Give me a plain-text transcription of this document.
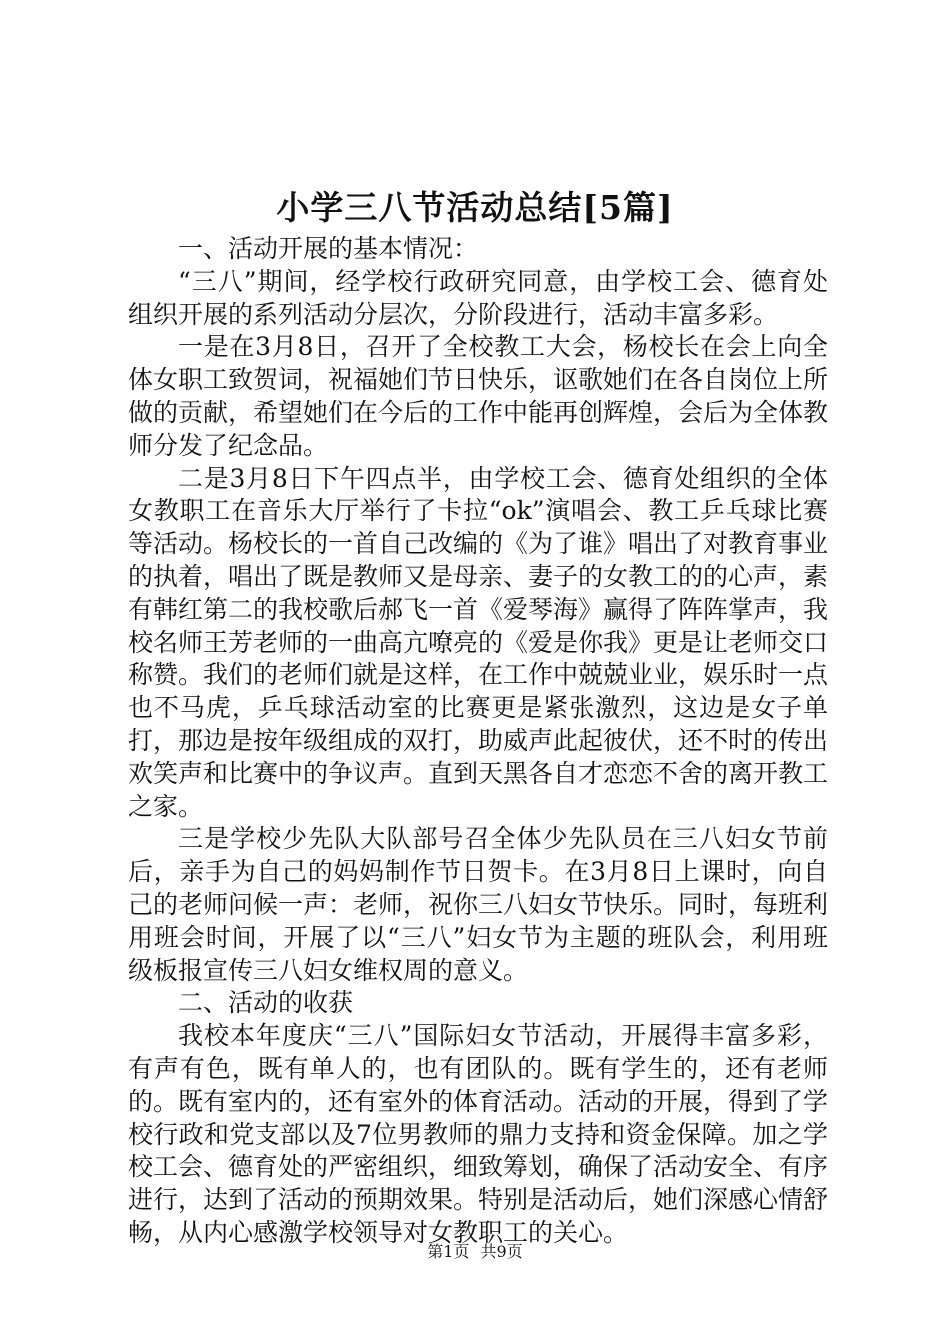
小学三八节活动总结[5篇]

一、活动开展的基本情况：

“三八”期间，经学校行政研究同意，由学校工会、德育处组织开展的系列活动分层次，分阶段进行，活动丰富多彩。

一是在3月8日，召开了全校教工大会，杨校长在会上向全体女职工致贺词，祝福她们节日快乐，讴歌她们在各自岗位上所做的贡献，希望她们在今后的工作中能再创辉煌，会后为全体教师分发了纪念品。

二是3月8日下午四点半，由学校工会、德育处组织的全体女教职工在音乐大厅举行了卡拉“ok”演唱会、教工乒乓球比赛等活动。杨校长的一首自己改编的《为了谁》唱出了对教育事业的执着，唱出了既是教师又是母亲、妻子的女教工的的心声，素有韩红第二的我校歌后郝飞一首《爱琴海》赢得了阵阵掌声，我校名师王芳老师的一曲高亢嘹亮的《爱是你我》更是让老师交口称赞。我们的老师们就是这样，在工作中兢兢业业，娱乐时一点也不马虎，乒乓球活动室的比赛更是紧张激烈，这边是女子单打，那边是按年级组成的双打，助威声此起彼伏，还不时的传出欢笑声和比赛中的争议声。直到天黑各自才恋恋不舍的离开教工之家。

三是学校少先队大队部号召全体少先队员在三八妇女节前后，亲手为自己的妈妈制作节日贺卡。在3月8日上课时，向自己的老师问候一声：老师，祝你三八妇女节快乐。同时，每班利用班会时间，开展了以“三八”妇女节为主题的班队会，利用班级板报宣传三八妇女维权周的意义。

二、活动的收获

我校本年度庆“三八”国际妇女节活动，开展得丰富多彩，有声有色，既有单人的，也有团队的。既有学生的，还有老师的。既有室内的，还有室外的体育活动。活动的开展，得到了学校行政和党支部以及7位男教师的鼎力支持和资金保障。加之学校工会、德育处的严密组织，细致筹划，确保了活动安全、有序进行，达到了活动的预期效果。特别是活动后，她们深感心情舒畅，从内心感激学校领导对女教职工的关心。

第1页 共9页
